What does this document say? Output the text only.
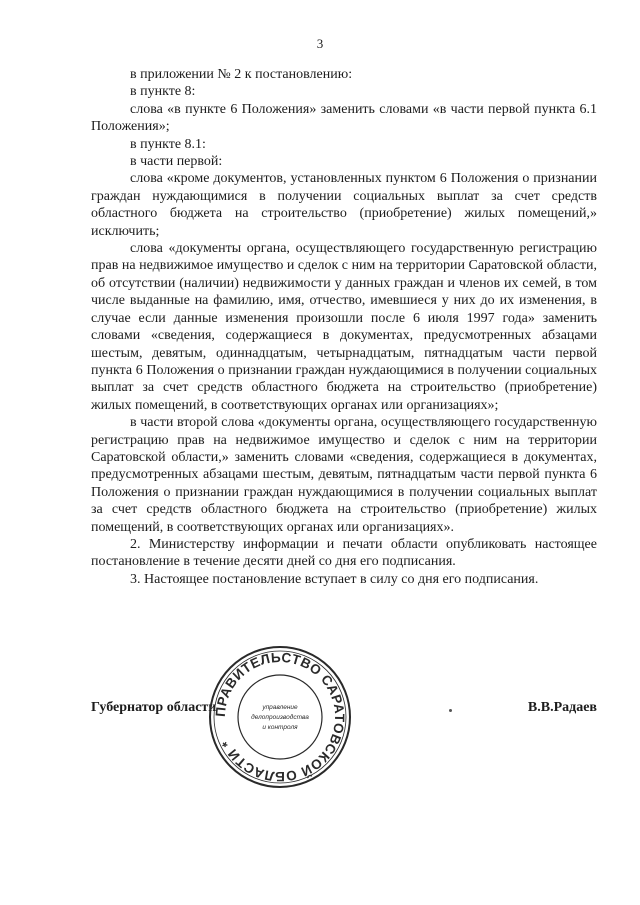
3

в приложении № 2 к постановлению:

в пункте 8:

слова «в пункте 6 Положения» заменить словами «в части первой пункта 6.1 Положения»;

в пункте 8.1:

в части первой:

слова «кроме документов, установленных пунктом 6 Положения о признании граждан нуждающимися в получении социальных выплат за счет средств областного бюджета на строительство (приобретение) жилых помещений,» исключить;

слова «документы органа, осуществляющего государственную регистрацию прав на недвижимое имущество и сделок с ним на территории Саратовской области, об отсутствии (наличии) недвижимости у данных граждан и членов их семей, в том числе выданные на фамилию, имя, отчество, имевшиеся у них до их изменения, в случае если данные изменения произошли после 6 июля 1997 года» заменить словами «сведения, содержащиеся в документах, предусмотренных абзацами шестым, девятым, одиннадцатым, четырнадцатым, пятнадцатым части первой пункта 6 Положения о признании граждан нуждающимися в получении социальных выплат за счет средств областного бюджета на строительство (приобретение) жилых помещений, в соответствующих органах или организациях»;

в части второй слова «документы органа, осуществляющего государственную регистрацию прав на недвижимое имущество и сделок с ним на территории Саратовской области,» заменить словами «сведения, содержащиеся в документах, предусмотренных абзацами шестым, девятым, пятнадцатым части первой пункта 6 Положения о признании граждан нуждающимися в получении социальных выплат за счет средств областного бюджета на строительство (приобретение) жилых помещений, в соответствующих органах или организациях».

2. Министерству информации и печати области опубликовать настоящее постановление в течение десяти дней со дня его подписания.

3. Настоящее постановление вступает в силу со дня его подписания.

Губернатор области	В.В.Радаев
ПРАВИТЕЛЬСТВО САРАТОВСКОЙ ОБЛАСТИ *
управление
делопроизводства
и контроля
